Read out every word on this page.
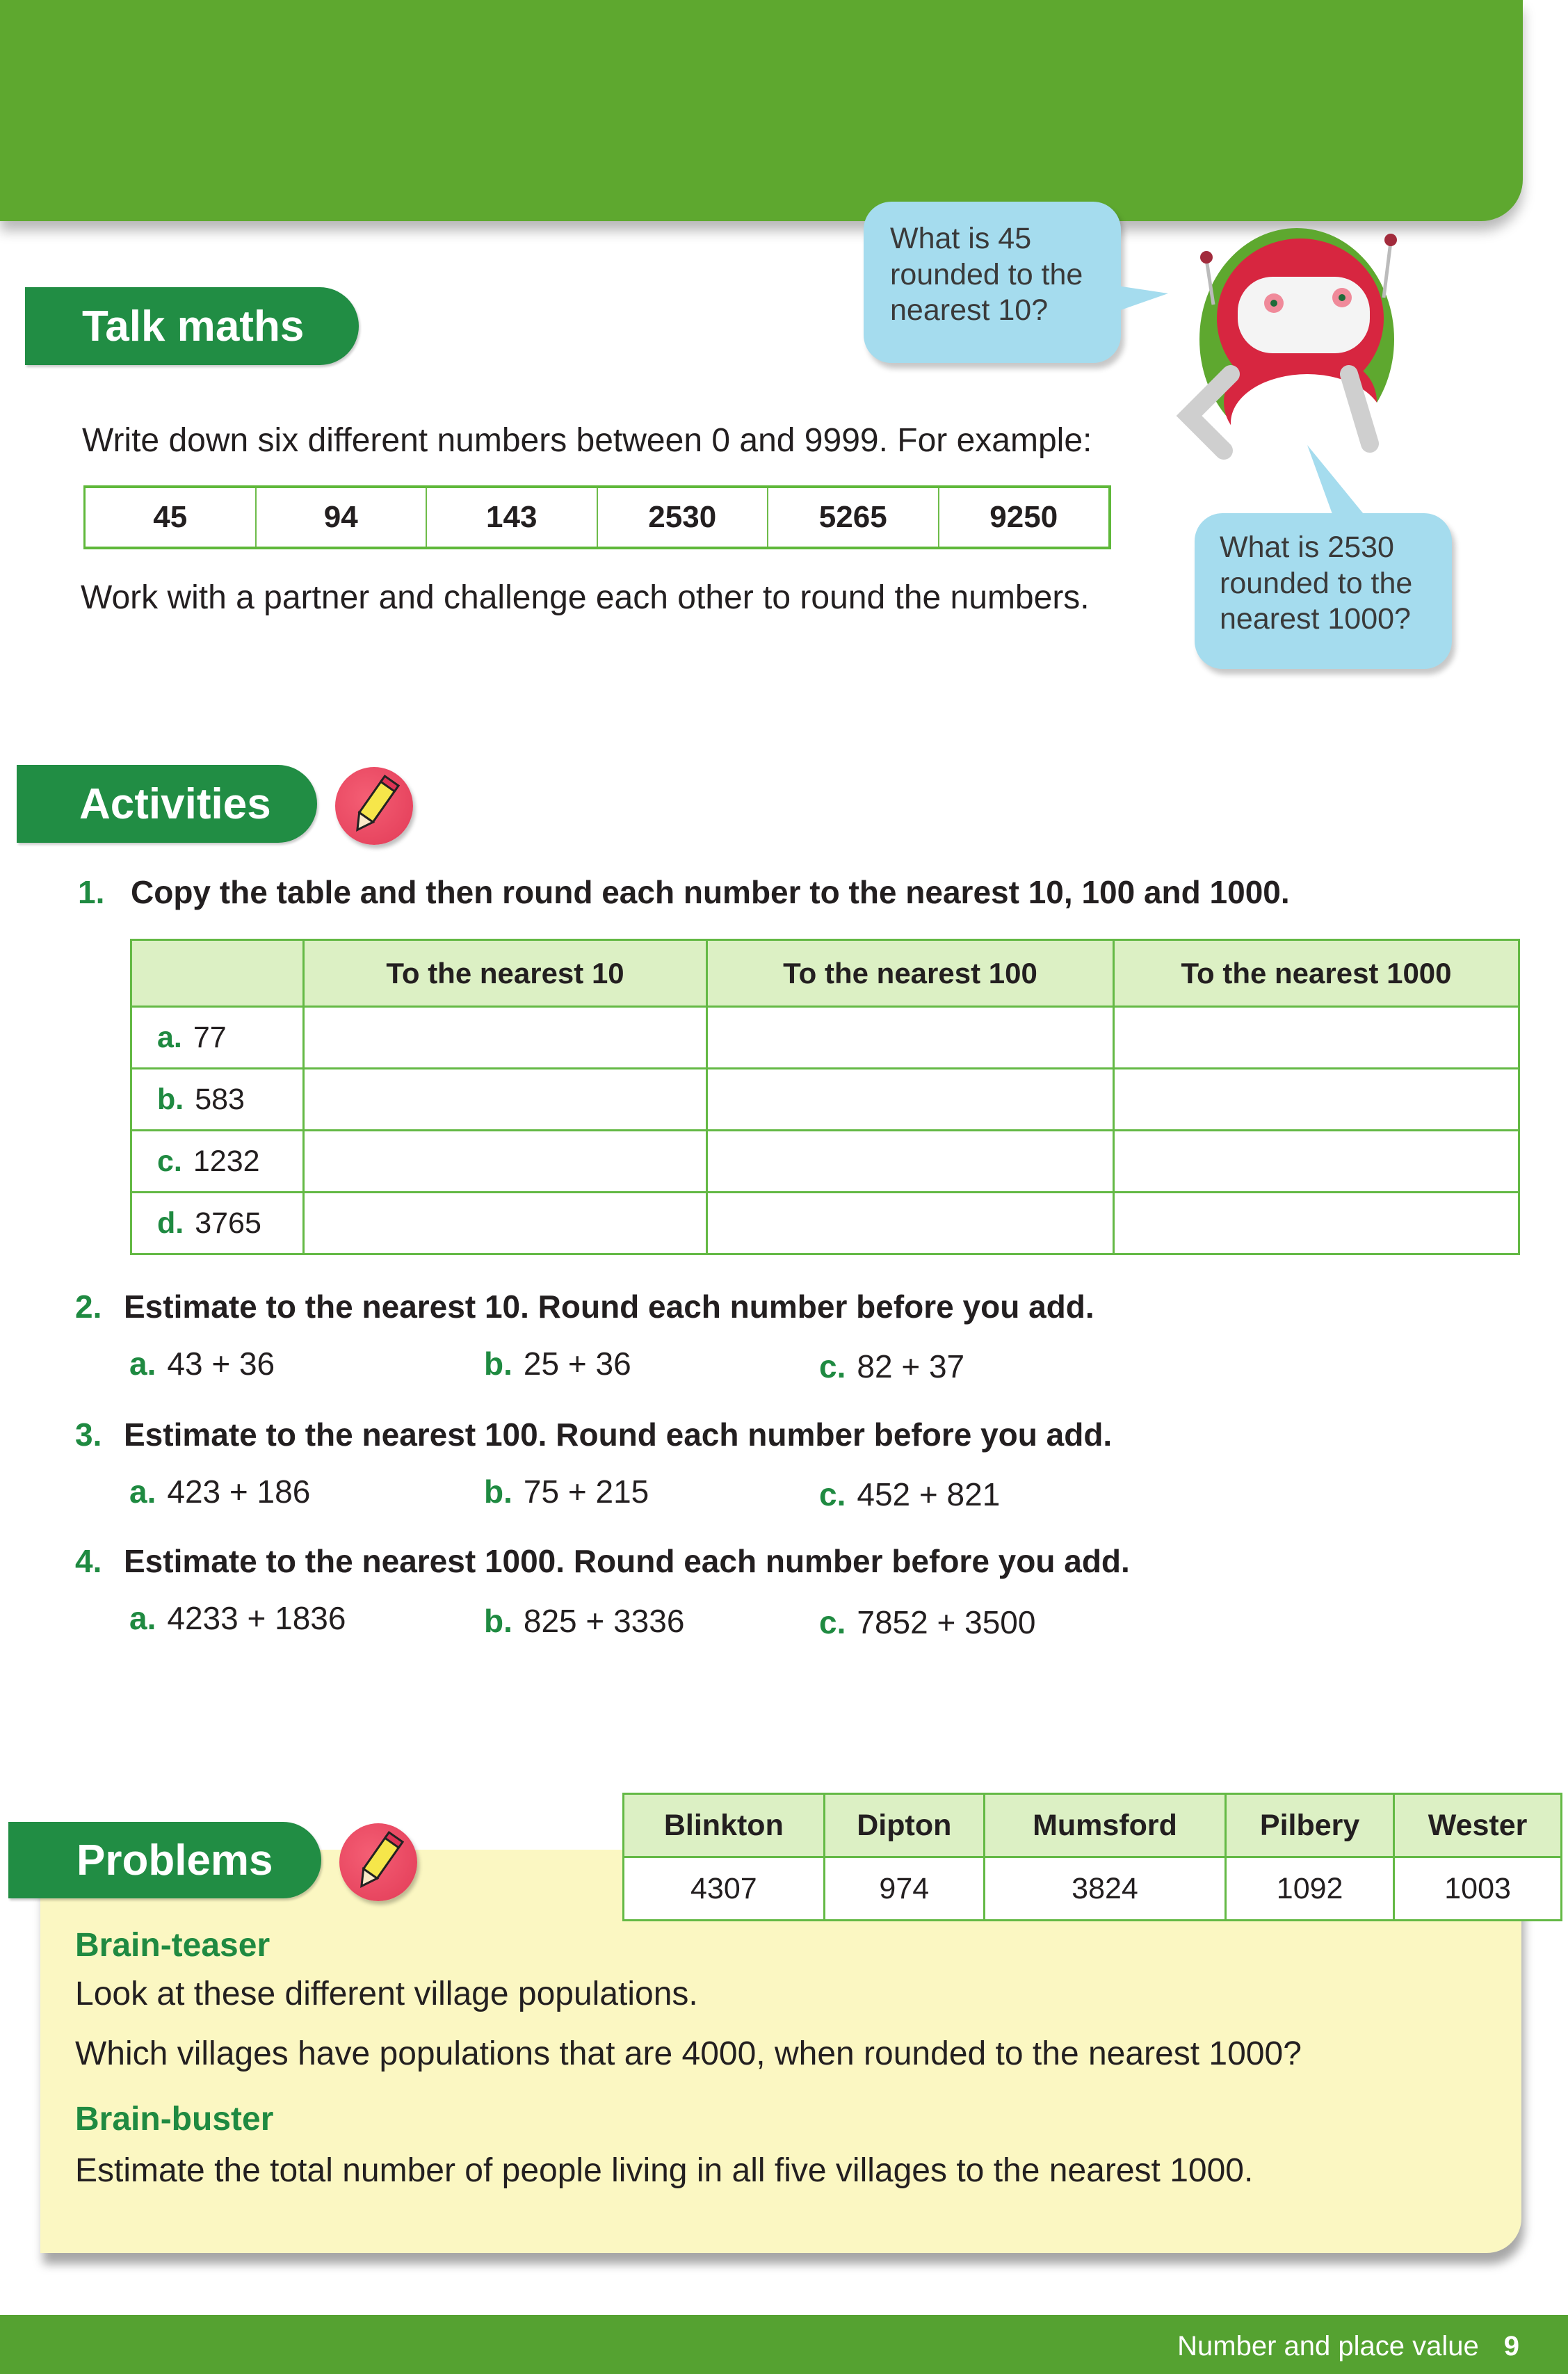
Talk maths
What is 45
rounded to the
nearest 10?
What is 2530
rounded to the
nearest 1000?
Write down six different numbers between 0 and 9999. For example:
45	94	143	2530	5265	9250
Work with a partner and challenge each other to round the numbers.
Activities
1. Copy the table and then round each number to the nearest 10, 100 and 1000.
	To the nearest 10	To the nearest 100	To the nearest 1000
a. 77			
b. 583			
c. 1232			
d. 3765			
2. Estimate to the nearest 10. Round each number before you add.
a. 43 + 36	b. 25 + 36	c. 82 + 37
3. Estimate to the nearest 100. Round each number before you add.
a. 423 + 186	b. 75 + 215	c. 452 + 821
4. Estimate to the nearest 1000. Round each number before you add.
a. 4233 + 1836	b. 825 + 3336	c. 7852 + 3500
Problems
Blinkton	Dipton	Mumsford	Pilbery	Wester
4307	974	3824	1092	1003
Brain-teaser
Look at these different village populations.
Which villages have populations that are 4000, when rounded to the nearest 1000?
Brain-buster
Estimate the total number of people living in all five villages to the nearest 1000.
Number and place value 9
